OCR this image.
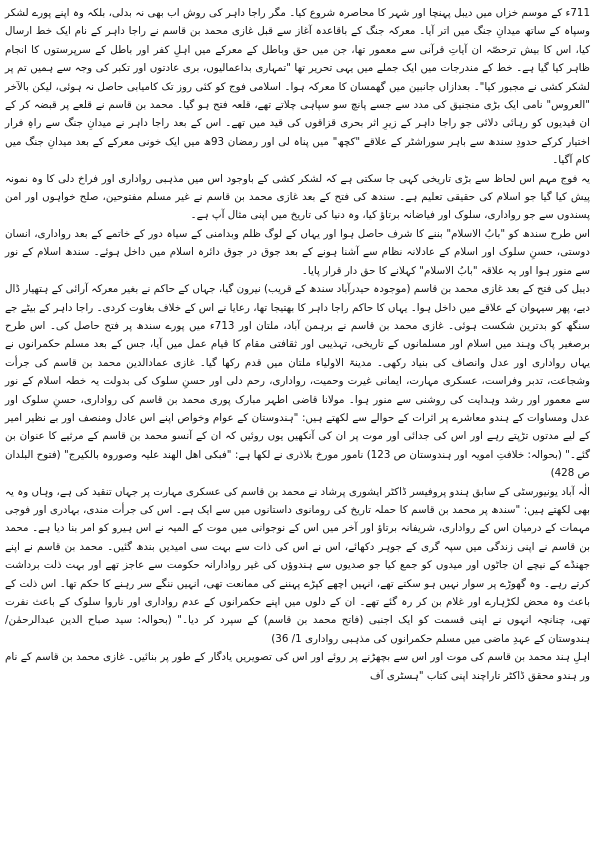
711ء کے موسم خزاں میں دیبل پہنچا اور شہر کا محاصرہ شروع کیا۔ مگر راجا داہر کی روش اب بھی نہ بدلی، بلکہ وہ اپنے پورے لشکر وسپاہ کے ساتھ میدانِ جنگ میں اتر آیا۔ معرکہ جنگ کے باقاعدہ آغاز سے قبل غازی محمد بن قاسم نے راجا داہر کے نام ایک خط ارسال کیا، اس کا بیش ترحصّہ ان آیاتِ قرآنی سے معمور تھا، جن میں حق وباطل کے معرکے میں اہلِ کفر اور باطل کے سرپرستوں کا انجام ظاہر کیا گیا ہے۔ خط کے مندرجات میں ایک جملے میں یہی تحریر تھا "تمہاری بداعمالیوں، بری عادتوں اور تکبر کی وجہ سے ہمیں تم پر لشکر کشی نے مجبور کیا"۔ بعدازاں جانبین میں گھمسان کا معرکہ ہوا۔ اسلامی فوج کو کئی روز تک کامیابی حاصل نہ ہوئی، لیکن بالآخر "العروس" نامی ایک بڑی منجنیق کی مدد سے جسے پانچ سو سپاہی چلاتے تھے، قلعہ فتح ہو گیا۔ محمد بن قاسم نے قلعے پر قبضہ کر کے ان قیدیوں کو رہائی دلائی جو راجا داہر کے زیرِ اثر بحری قزاقوں کی قید میں تھے۔ اس کے بعد راجا داہر نے میدانِ جنگ سے راہِ فرار اختیار کرکے حدودِ سندھ سے باہر سوراشٹر کے علاقے "کچھ" میں پناہ لی اور رمضان 93ھ میں ایک خونی معرکے کے بعد میدانِ جنگ میں کام آگیا۔

یہ فوج مہم اس لحاظ سے بڑی تاریخی کہی جا سکتی ہے کہ لشکر کشی کے باوجود اس میں مذہبی رواداری اور فراخ دلی کا وہ نمونہ پیش کیا گیا جو اسلام کی حقیقی تعلیم ہے۔ سندھ کی فتح کے بعد غازی محمد بن قاسم نے غیر مسلم مفتوحین، صلح خواہوں اور امن پسندوں سے جو رواداری، سلوک اور فیاضانہ برتاؤ کیا، وہ دنیا کی تاریخ میں اپنی مثال آپ ہے۔

اس طرح سندھ کو "بابُ الاسلام" بننے کا شرف حاصل ہوا اور یہاں کے لوگ ظلم وبدامنی کے سیاہ دور کے خاتمے کے بعد رواداری، انسان دوستی، حسنِ سلوک اور اسلام کے عادلانہ نظام سے آشنا ہونے کے بعد جوق در جوق دائرہ اسلام میں داخل ہوئے۔ سندھ اسلام کے نور سے منور ہوا اور یہ علاقہ "بابُ الاسلام" کہلانے کا حق دار قرار پایا۔

دیبل کی فتح کے بعد غازی محمد بن قاسم (موجودہ حیدرآباد سندھ کے قریب) نیرون گیا، جہاں کے حاکم نے بغیر معرکہ آرائی کے ہتھیار ڈال دیے، پھر سیہوان کے علاقے میں داخل ہوا۔ یہاں کا حاکم راجا داہر کا بھتیجا تھا، رعایا نے اس کے خلاف بغاوت کردی۔ راجا داہر کے بیٹے جے سنگھ کو بدترین شکست ہوئی۔ غازی محمد بن قاسم نے برہمن آباد، ملتان اور 713ء میں پورے سندھ پر فتح حاصل کی۔ اس طرح برصغیر پاک وہند میں اسلام اور مسلمانوں کے تاریخی، تہذیبی اور ثقافتی مقام کا قیام عمل میں آیا، جس کے بعد مسلم حکمرانوں نے یہاں رواداری اور عدل وانصاف کی بنیاد رکھی۔ مدینۃ الاولیاء ملتان میں قدم رکھا گیا۔ غازی عمادالدین محمد بن قاسم کی جرأت وشجاعت، تدبر وفراست، عسکری مہارت، ایمانی غیرت وحمیت، رواداری، رحم دلی اور حسنِ سلوک کی بدولت یہ خطہ اسلام کے نور سے معمور اور رشد وہدایت کی روشنی سے منور ہوا۔ مولانا قاضی اطہر مبارک پوری محمد بن قاسم کی رواداری، حسنِ سلوک اور عدل ومساوات کے ہندو معاشرے پر اثرات کے حوالے سے لکھتے ہیں: "ہندوستان کے عوام وخواص اپنے اس عادل ومنصف اور بے نظیر امیر کے لیے مدتوں تڑپتے رہے اور اس کی جدائی اور موت پر ان کی آنکھیں یوں روئیں کہ ان کے آنسو محمد بن قاسم کے مرثیے کا عنوان بن گئے۔" (بحوالہ: خلافتِ امویہ اور ہندوستان ص 123) نامور مورخ بلاذری نے لکھا ہے: "فبکی اھل الھند علیہ وصوروہ بالکیرج" (فتوح البلدان ص 428)

الٰہ آباد یونیورسٹی کے سابق ہندو پروفیسر ڈاکٹر ایشوری پرشاد نے محمد بن قاسم کی عسکری مہارت پر جہاں تنقید کی ہے، وہاں وہ یہ بھی لکھتے ہیں: "سندھ پر محمد بن قاسم کا حملہ تاریخ کی رومانوی داستانوں میں سے ایک ہے۔ اس کی جرأت مندی، بہادری اور فوجی مہمات کے درمیان اس کے رواداری، شریفانہ برتاؤ اور آخر میں اس کے نوجوانی میں موت کے المیہ نے اس ہیرو کو امر بنا دیا ہے۔ محمد بن قاسم نے اپنی زندگی میں سپہ گری کے جوہر دکھائے، اس نے اس کی ذات سے بہت سی امیدیں بندھ گئیں۔ محمد بن قاسم نے اپنے جھنڈے کے نیچے ان جاٹوں اور میدوں کو جمع کیا جو صدیوں سے ہندوؤں کی غیر روادارانہ حکومت سے عاجز تھے اور بہت ذلت برداشت کرتے رہے۔ وہ گھوڑے پر سوار نہیں ہو سکتے تھے، انہیں اچھے کپڑے پہننے کی ممانعت تھی، انہیں ننگے سر رہنے کا حکم تھا۔ اس ذلت کے باعث وہ محض لکڑہارے اور غلام بن کر رہ گئے تھے۔ ان کے دلوں میں اپنے حکمرانوں کے عدم رواداری اور ناروا سلوک کے باعث نفرت تھی، چنانچہ انہوں نے اپنی قسمت کو ایک اجنبی (فاتح محمد بن قاسم) کے سپرد کر دیا۔" (بحوالہ: سید صباح الدین عبدالرحمٰن/ ہندوستان کے عہدِ ماضی میں مسلم حکمرانوں کی مذہبی رواداری 1/ 36)

اہلِ ہند محمد بن قاسم کی موت اور اس سے بچھڑنے پر روئے اور اس کی تصویریں یادگار کے طور پر بنائیں۔ غازی محمد بن قاسم کے نام ور ہندو محقق ڈاکٹر تاراچند اپنی کتاب "ہسٹری آف
